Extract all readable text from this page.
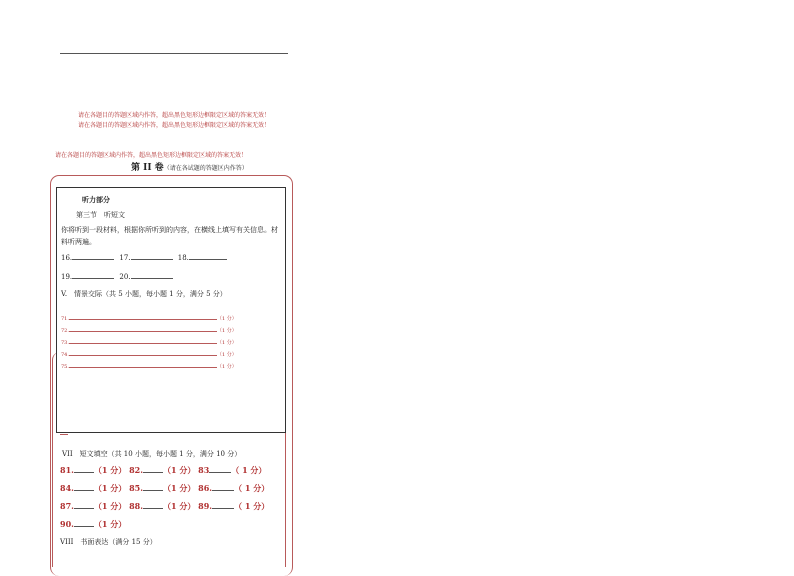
请在各题目的答题区域内作答，超出黑色矩形边框限定区域的答案无效！
请在各题目的答题区域内作答，超出黑色矩形边框限定区域的答案无效！
请在各题目的答题区域内作答，超出黑色矩形边框限定区域的答案无效！
第 II 卷（请在各试题的答题区内作答）
VII　短文填空（共 10 小题，每小题 1 分，满分 10 分）
81.	（1 分） 82.	（1 分） 83	（ 1 分）
84.	（1 分） 85.	（1 分） 86.	（ 1 分）
87.	（1 分） 88.	（1 分） 89.	（ 1 分）
90.	（1 分）
VIII　书面表达（满分 15 分）
听力部分
第三节　听短文
你将听到一段材料，根据你所听到的内容，在横线上填写有关信息。材
料听两遍。
16.	17.	18.
19.	20.
V.　情景交际（共 5 小题，每小题 1 分，满分 5 分）
71.	（1 分）
72.	（1 分）
73.	（1 分）
74.	（1 分）
75.	（1 分）
